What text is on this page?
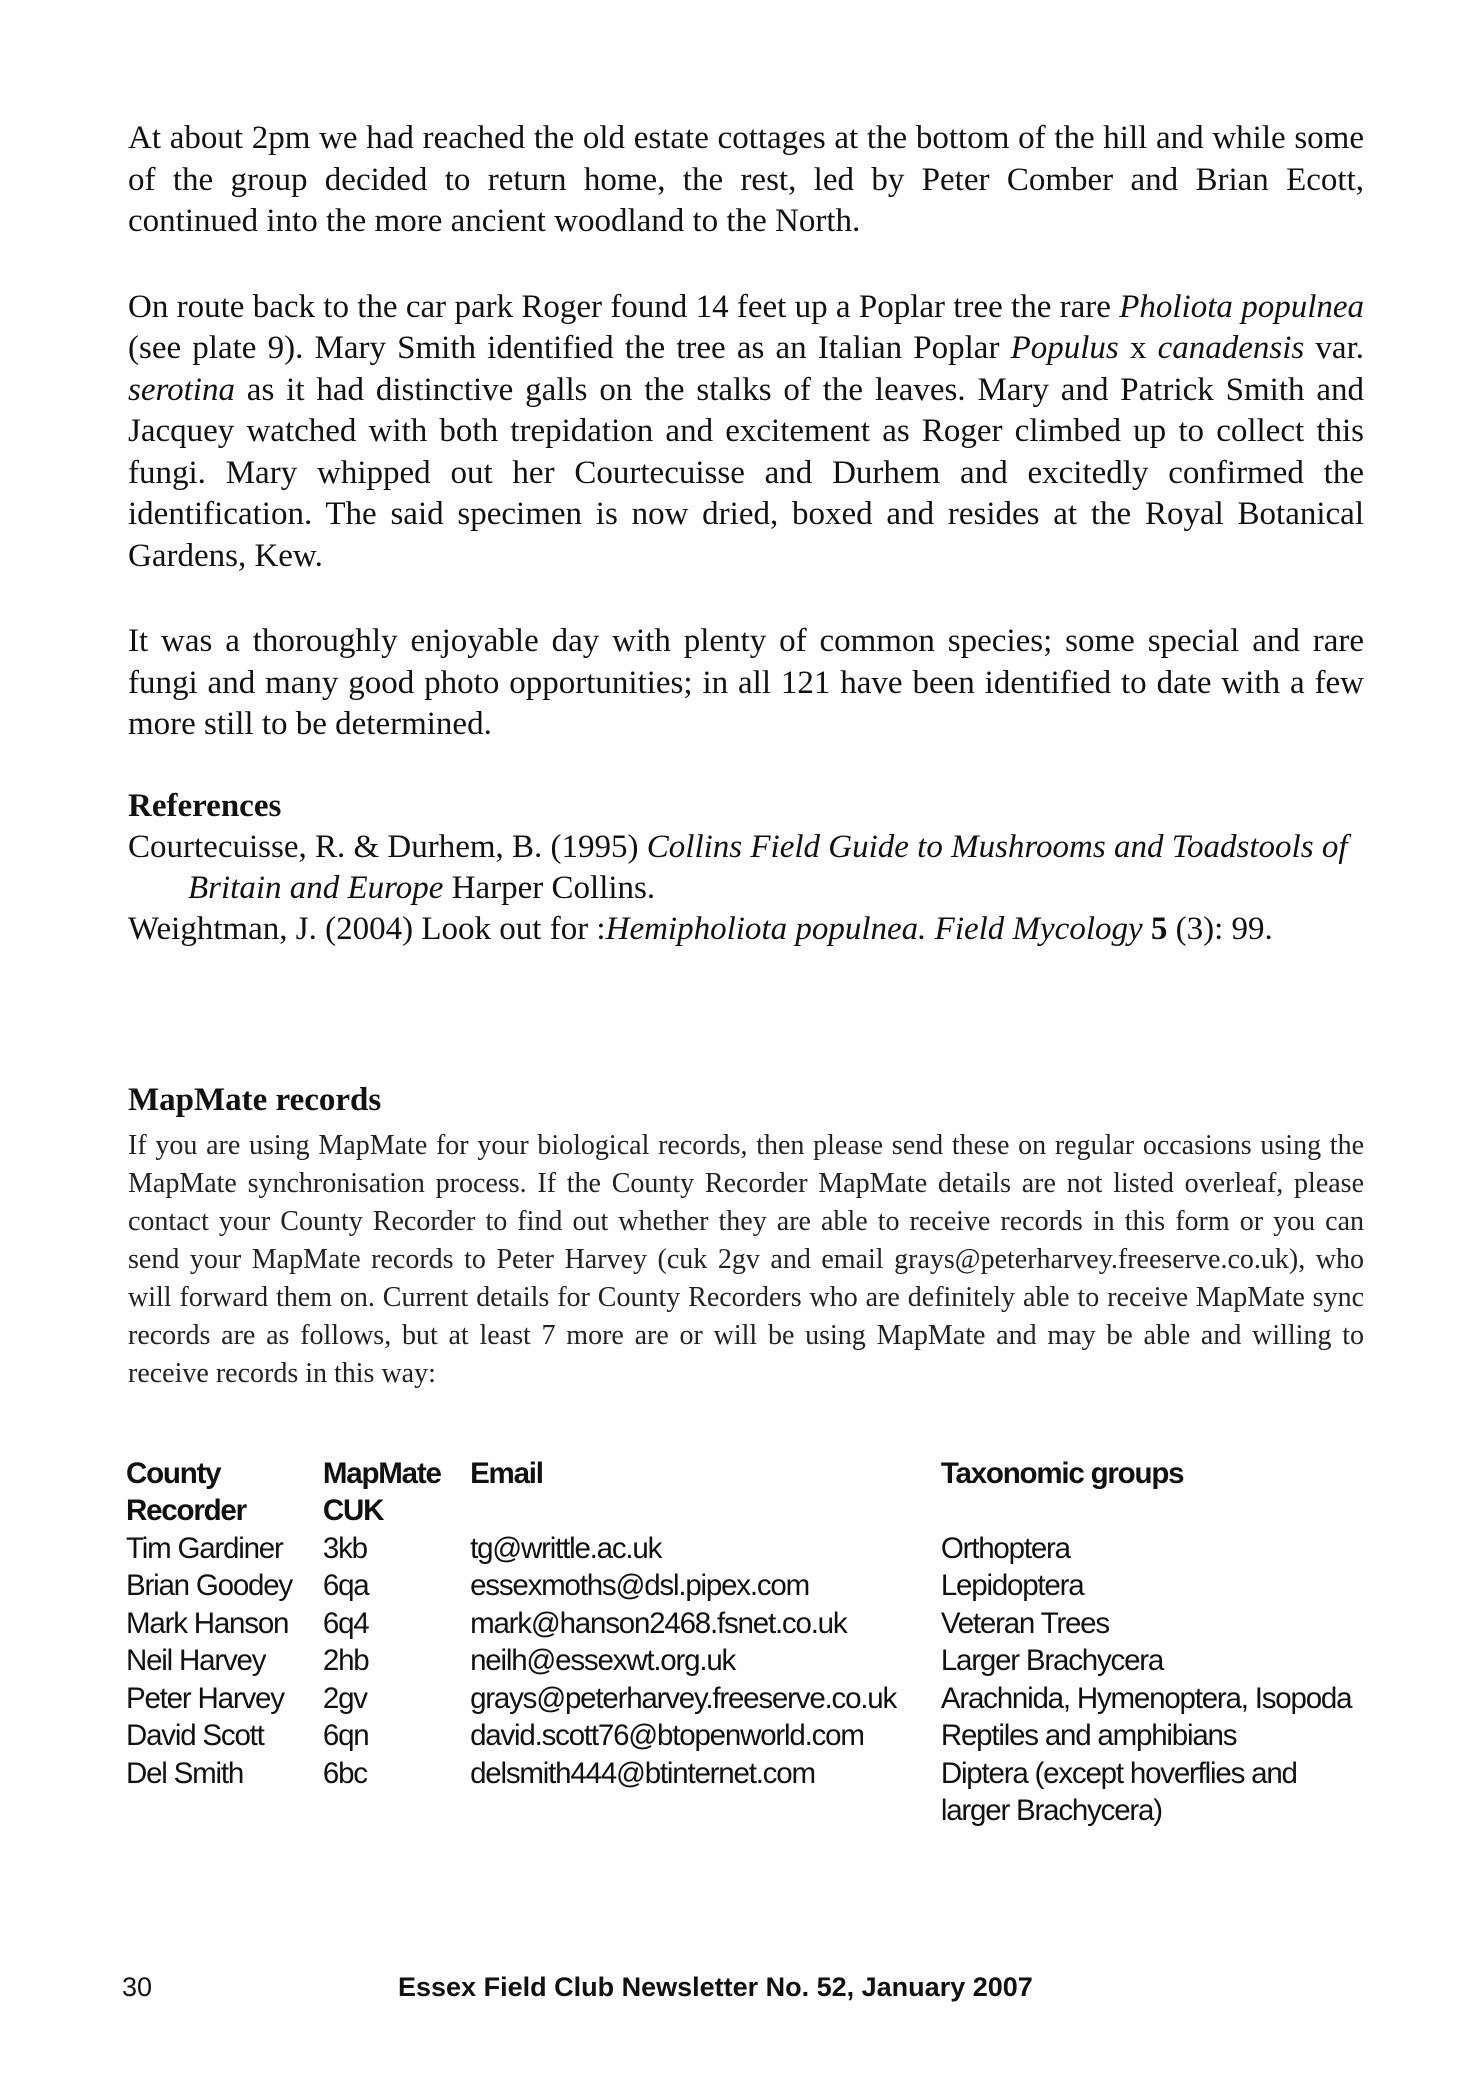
At about 2pm we had reached the old estate cottages at the bottom of the hill and while some of the group decided to return home, the rest, led by Peter Comber and Brian Ecott, continued into the more ancient woodland to the North.

On route back to the car park Roger found 14 feet up a Poplar tree the rare Pholiota populnea (see plate 9). Mary Smith identified the tree as an Italian Poplar Populus x canadensis var. serotina as it had distinctive galls on the stalks of the leaves. Mary and Patrick Smith and Jacquey watched with both trepidation and excitement as Roger climbed up to collect this fungi. Mary whipped out her Courtecuisse and Durhem and excitedly confirmed the identification. The said specimen is now dried, boxed and resides at the Royal Botanical Gardens, Kew.

It was a thoroughly enjoyable day with plenty of common species; some special and rare fungi and many good photo opportunities; in all 121 have been identified to date with a few more still to be determined.

References

Courtecuisse, R. & Durhem, B. (1995) Collins Field Guide to Mushrooms and Toadstools of Britain and Europe Harper Collins.

Weightman, J. (2004) Look out for :Hemipholiota populnea. Field Mycology 5 (3): 99.

MapMate records

If you are using MapMate for your biological records, then please send these on regular occasions using the MapMate synchronisation process. If the County Recorder MapMate details are not listed overleaf, please contact your County Recorder to find out whether they are able to receive records in this form or you can send your MapMate records to Peter Harvey (cuk 2gv and email grays@peterharvey.freeserve.co.uk), who will forward them on. Current details for County Recorders who are definitely able to receive MapMate sync records are as follows, but at least 7 more are or will be using MapMate and may be able and willing to receive records in this way:

County Recorder	MapMate CUK	Email	Taxonomic groups
Tim Gardiner	3kb	tg@writtle.ac.uk	Orthoptera
Brian Goodey	6qa	essexmoths@dsl.pipex.com	Lepidoptera
Mark Hanson	6q4	mark@hanson2468.fsnet.co.uk	Veteran Trees
Neil Harvey	2hb	neilh@essexwt.org.uk	Larger Brachycera
Peter Harvey	2gv	grays@peterharvey.freeserve.co.uk	Arachnida, Hymenoptera, Isopoda
David Scott	6qn	david.scott76@btopenworld.com	Reptiles and amphibians
Del Smith	6bc	delsmith444@btinternet.com	Diptera (except hoverflies and larger Brachycera)
30	Essex Field Club Newsletter No. 52, January 2007
